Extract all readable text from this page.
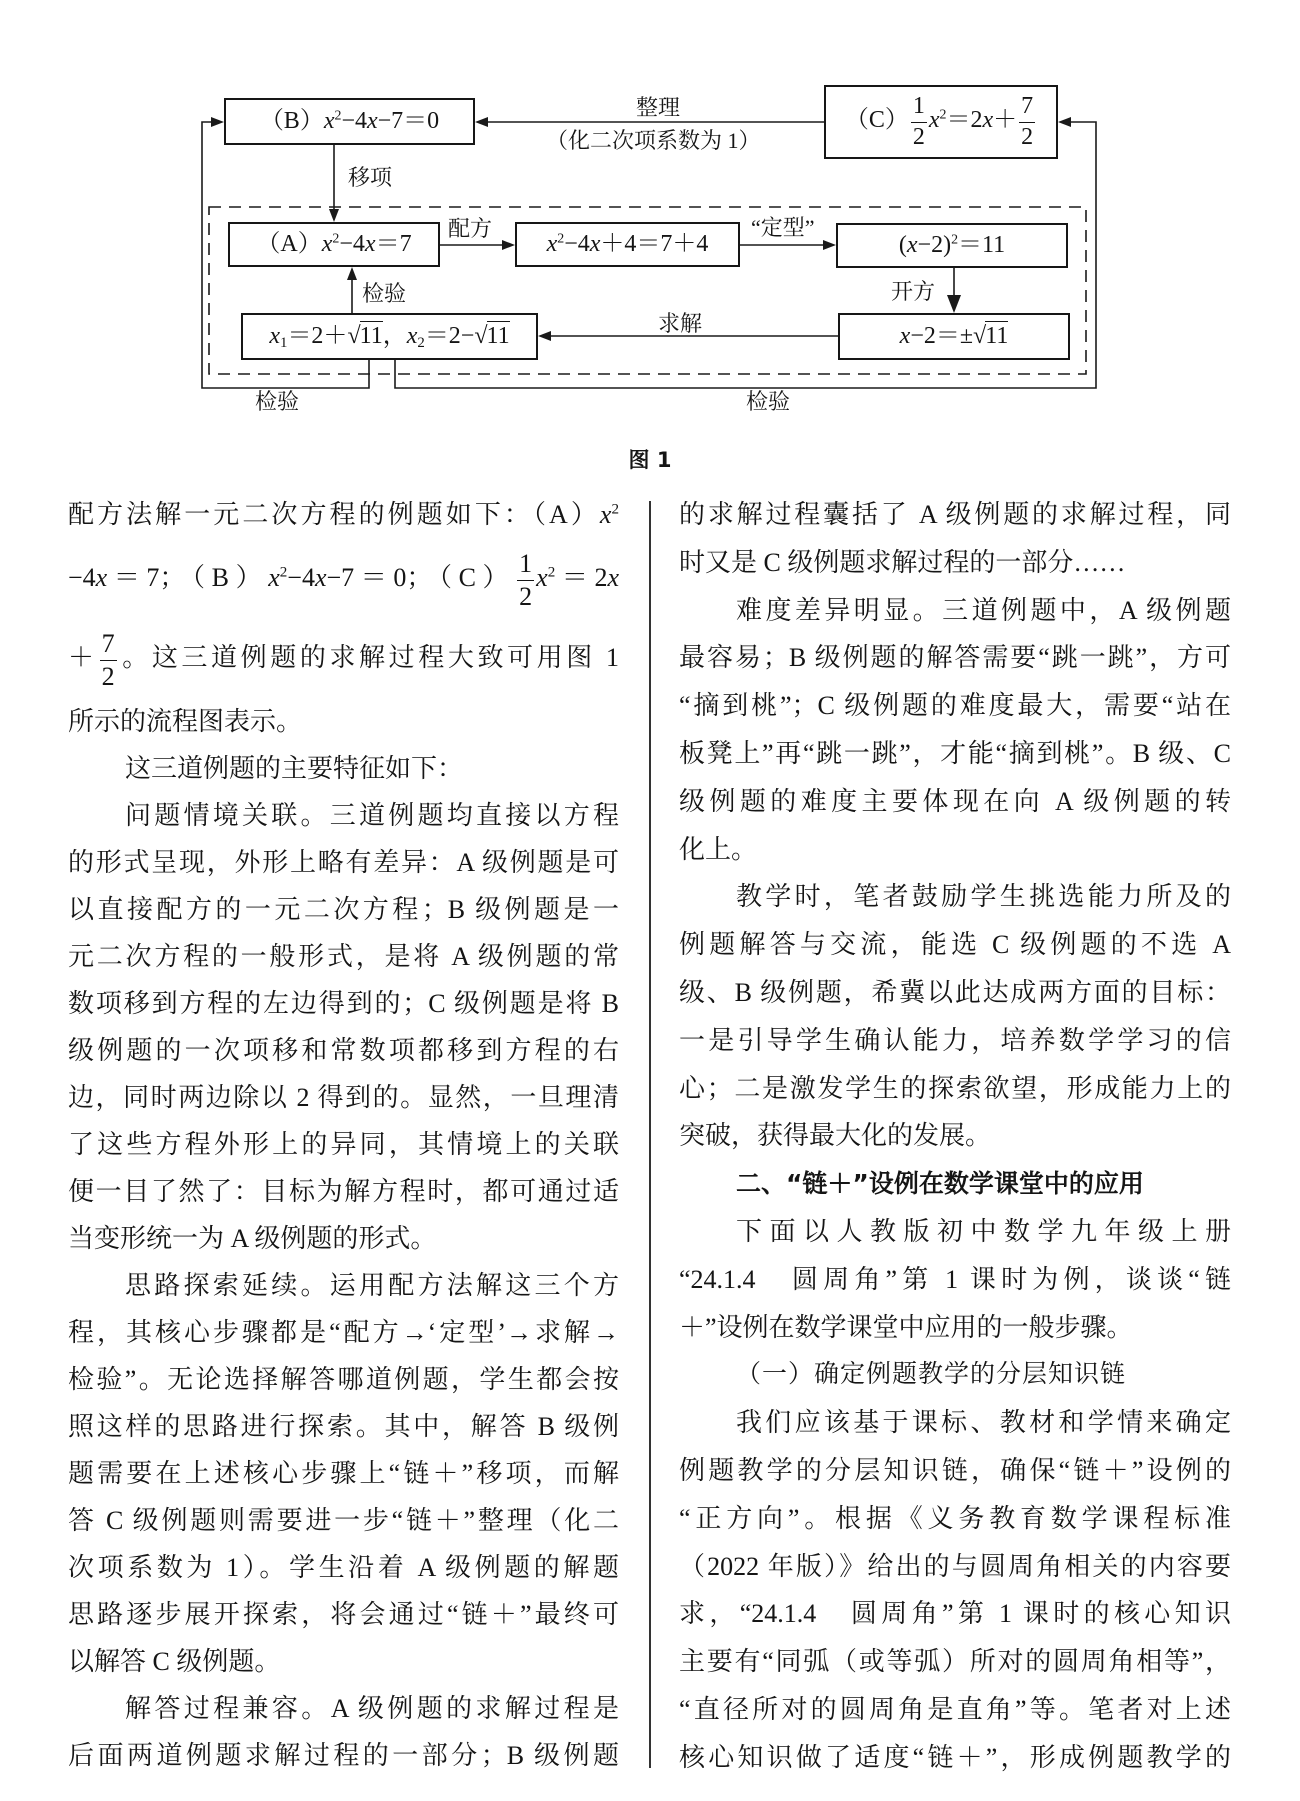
$(B)x^2-4x-7=0$	$(C) \frac{1}{2} x^2=2x+ \frac{7}{2}$
$(A)x^2-4x=7$	$x^2-4x+4=7+4$	$(x-2)^2=11$
x−2＝±√11
$x_1=2+√11$，$x_2=2-√11$
整理
（化二次项系数为 1）
移项
配方	“定型”
开方
求解
检验
检验	检验
图 1
配方法解一元二次方程的例题如下：$(A)x^2$
−4x＝7；$(B)x^2-4x-7=0$；$(C) \frac{1}{2} x^2=2x$
＋ $\frac{7}{2}$ 。这三道例题的求解过程大致可用图 1
所示的流程图表示。
这三道例题的主要特征如下：
问题情境关联。三道例题均直接以方程
的形式呈现，外形上略有差异：A 级例题是可
以直接配方的一元二次方程；B 级例题是一
元二次方程的一般形式，是将 A 级例题的常
数项移到方程的左边得到的；C 级例题是将 B
级例题的一次项移和常数项都移到方程的右
边，同时两边除以 2 得到的。显然，一旦理清
了这些方程外形上的异同，其情境上的关联
便一目了然了：目标为解方程时，都可通过适
当变形统一为 A 级例题的形式。
思路探索延续。运用配方法解这三个方
程，其核心步骤都是“配方→‘定型’→求解→
检验”。无论选择解答哪道例题，学生都会按
照这样的思路进行探索。其中，解答 B 级例
题需要在上述核心步骤上“链＋”移项，而解
答 C 级例题则需要进一步“链＋”整理（化二
次项系数为 1）。学生沿着 A 级例题的解题
思路逐步展开探索，将会通过“链＋”最终可
以解答 C 级例题。
解答过程兼容。A 级例题的求解过程是
后面两道例题求解过程的一部分；B 级例题
的求解过程囊括了 A 级例题的求解过程，同
时又是 C 级例题求解过程的一部分……
难度差异明显。三道例题中，A 级例题
最容易；B 级例题的解答需要“跳一跳”，方可
“摘到桃”；C 级例题的难度最大，需要“站在
板凳上”再“跳一跳”，才能“摘到桃”。B 级、C
级例题的难度主要体现在向 A 级例题的转
化上。
教学时，笔者鼓励学生挑选能力所及的
例题解答与交流，能选 C 级例题的不选 A
级、B 级例题，希冀以此达成两方面的目标：
一是引导学生确认能力，培养数学学习的信
心；二是激发学生的探索欲望，形成能力上的
突破，获得最大化的发展。
二、“链＋”设例在数学课堂中的应用
下面以人教版初中数学九年级上册
“24.1.4　圆周角”第 1 课时为例，谈谈“链
＋”设例在数学课堂中应用的一般步骤。
（一）确定例题教学的分层知识链
我们应该基于课标、教材和学情来确定
例题教学的分层知识链，确保“链＋”设例的
“正方向”。根据《义务教育数学课程标准
（2022 年版）》给出的与圆周角相关的内容要
求，“24.1.4　圆周角”第 1 课时的核心知识
主要有“同弧（或等弧）所对的圆周角相等”，
“直径所对的圆周角是直角”等。笔者对上述
核心知识做了适度“链＋”，形成例题教学的
